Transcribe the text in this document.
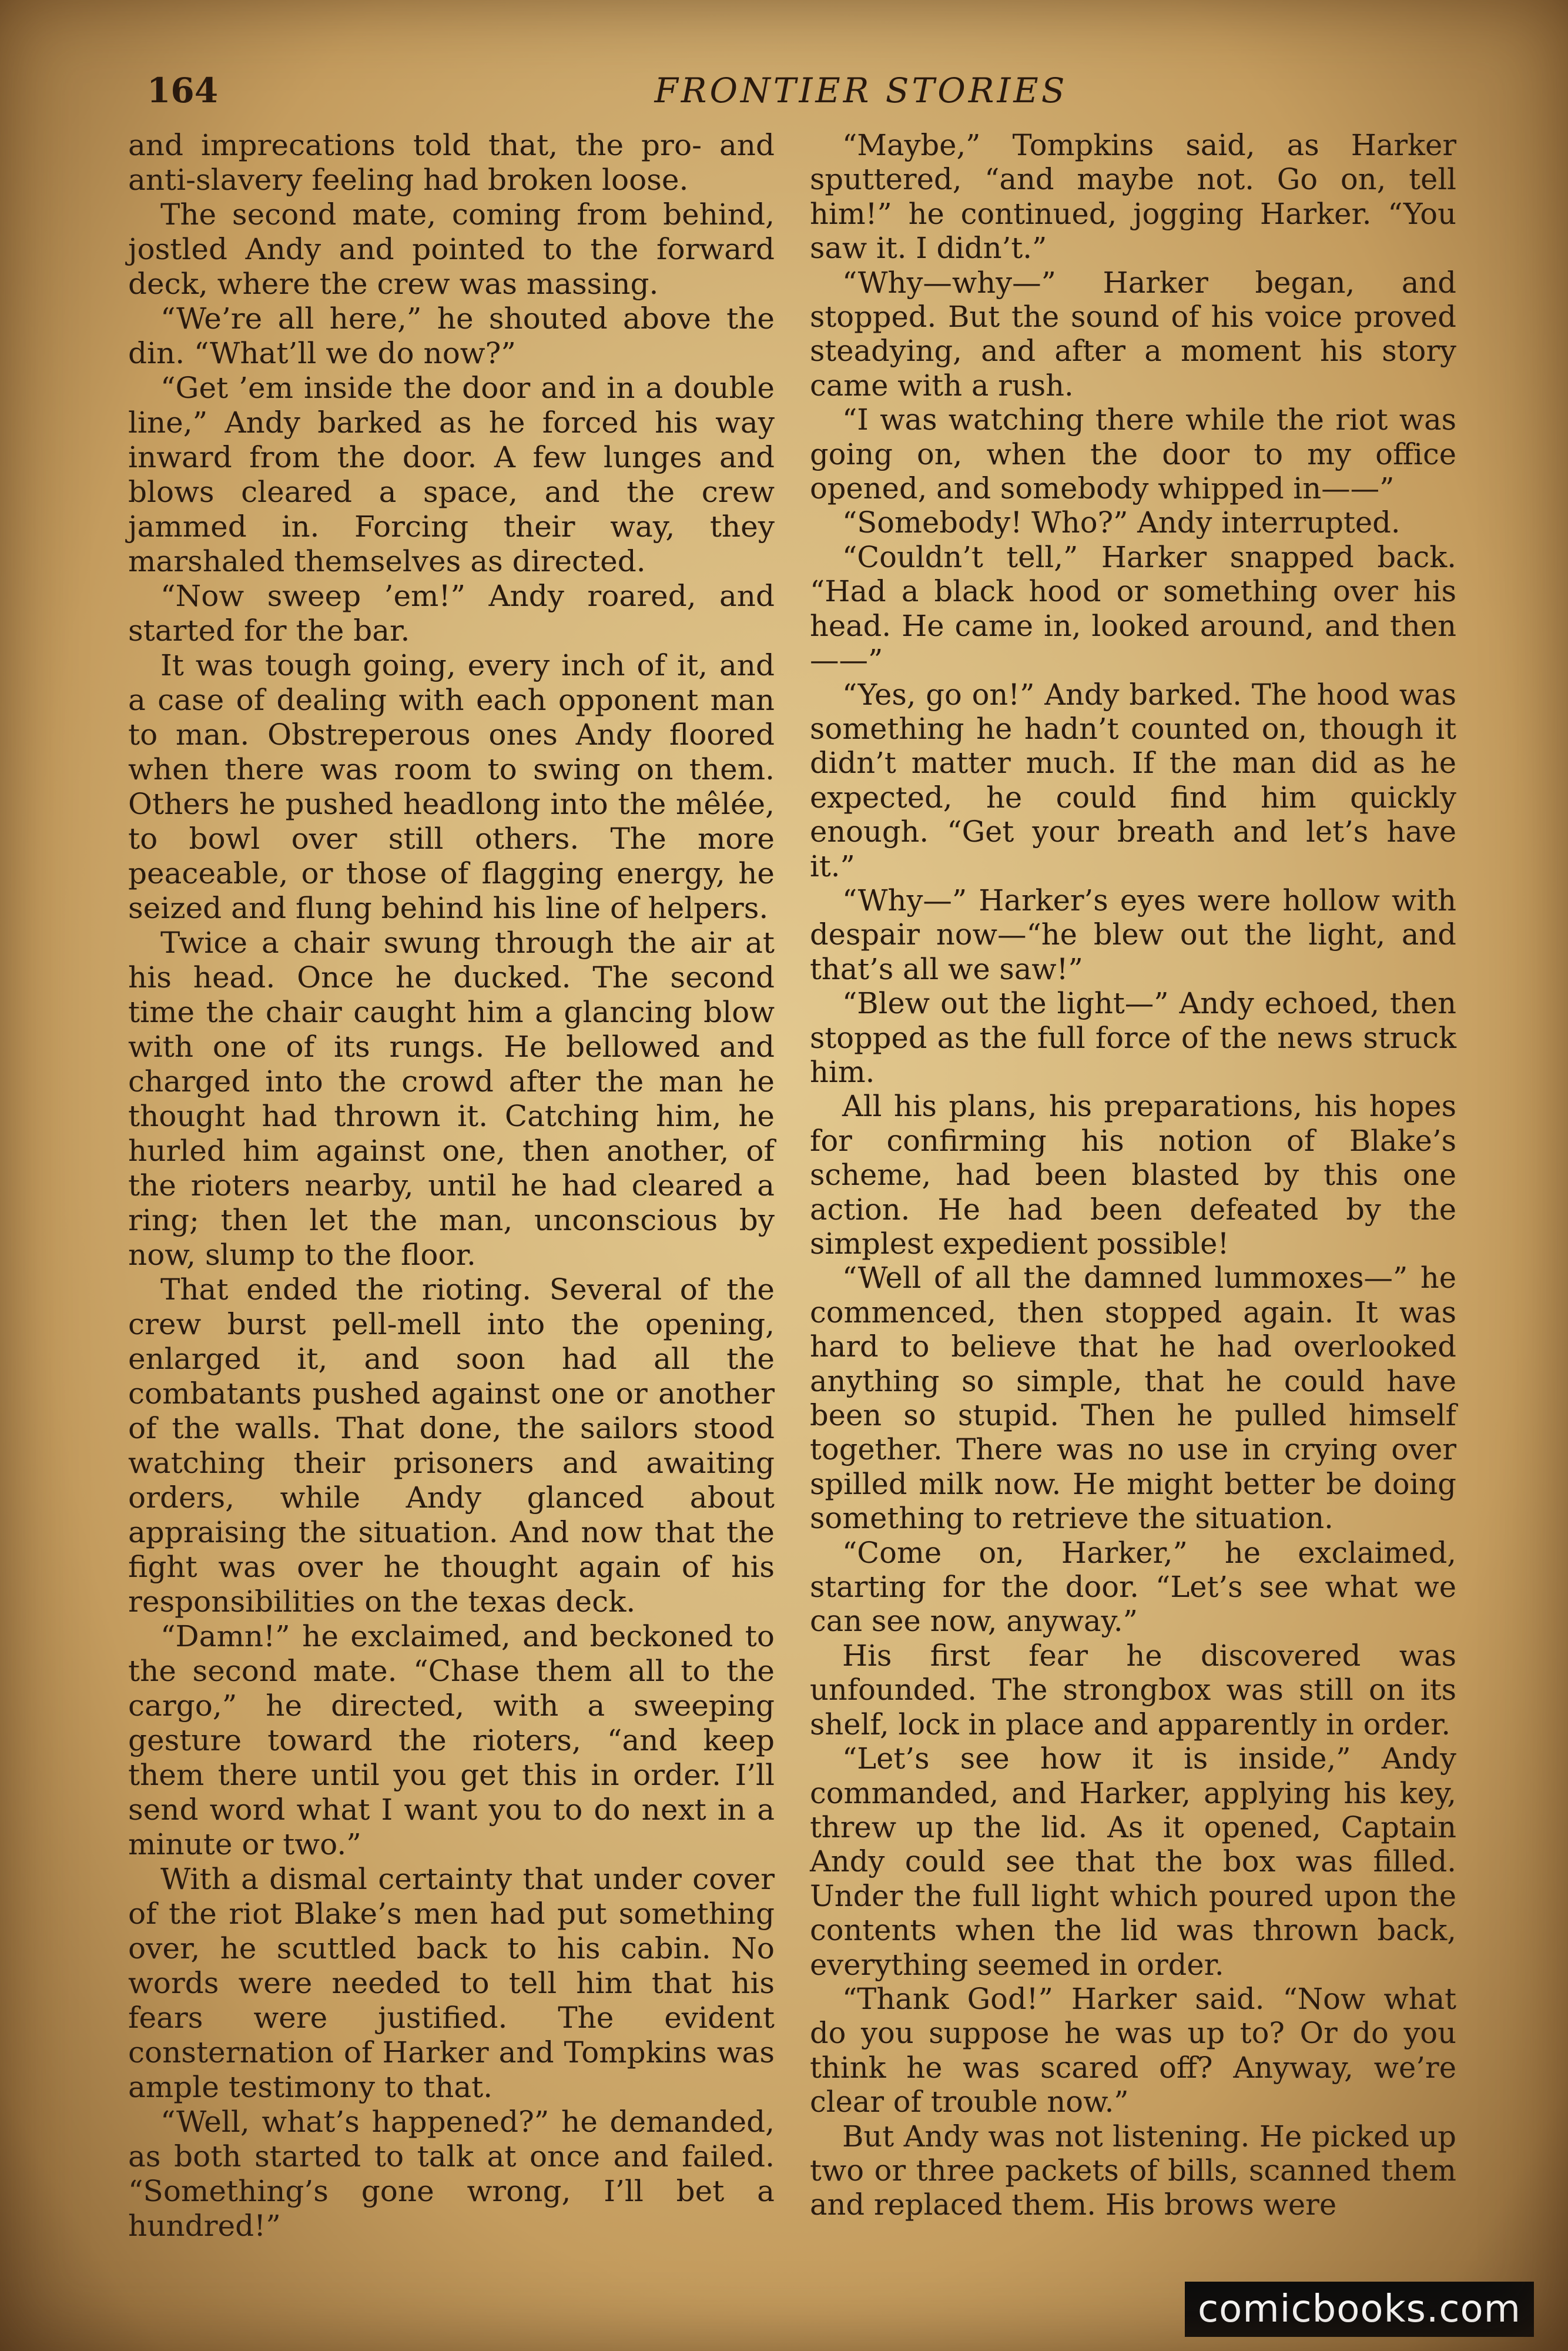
164	FRONTIER STORIES

and imprecations told that, the pro- and anti-slavery feeling had broken loose.

The second mate, coming from behind, jostled Andy and pointed to the forward deck, where the crew was massing.

“We’re all here,” he shouted above the din. “What’ll we do now?”

“Get ’em inside the door and in a double line,” Andy barked as he forced his way inward from the door. A few lunges and blows cleared a space, and the crew jammed in. Forcing their way, they marshaled themselves as directed.

“Now sweep ’em!” Andy roared, and started for the bar.

It was tough going, every inch of it, and a case of dealing with each opponent man to man. Obstreperous ones Andy floored when there was room to swing on them. Others he pushed headlong into the mêlée, to bowl over still others. The more peaceable, or those of flagging energy, he seized and flung behind his line of helpers.

Twice a chair swung through the air at his head. Once he ducked. The second time the chair caught him a glancing blow with one of its rungs. He bellowed and charged into the crowd after the man he thought had thrown it. Catching him, he hurled him against one, then another, of the rioters nearby, until he had cleared a ring; then let the man, unconscious by now, slump to the floor.

That ended the rioting. Several of the crew burst pell-mell into the opening, enlarged it, and soon had all the combatants pushed against one or another of the walls. That done, the sailors stood watching their prisoners and awaiting orders, while Andy glanced about appraising the situation. And now that the fight was over he thought again of his responsibilities on the texas deck.

“Damn!” he exclaimed, and beckoned to the second mate. “Chase them all to the cargo,” he directed, with a sweeping gesture toward the rioters, “and keep them there until you get this in order. I’ll send word what I want you to do next in a minute or two.”

With a dismal certainty that under cover of the riot Blake’s men had put something over, he scuttled back to his cabin. No words were needed to tell him that his fears were justified. The evident consternation of Harker and Tompkins was ample testimony to that.

“Well, what’s happened?” he demanded, as both started to talk at once and failed. “Something’s gone wrong, I’ll bet a hundred!”

“Maybe,” Tompkins said, as Harker sputtered, “and maybe not. Go on, tell him!” he continued, jogging Harker. “You saw it. I didn’t.”

“Why—why—” Harker began, and stopped. But the sound of his voice proved steadying, and after a moment his story came with a rush.

“I was watching there while the riot was going on, when the door to my office opened, and somebody whipped in——”

“Somebody! Who?” Andy interrupted.

“Couldn’t tell,” Harker snapped back. “Had a black hood or something over his head. He came in, looked around, and then——”

“Yes, go on!” Andy barked. The hood was something he hadn’t counted on, though it didn’t matter much. If the man did as he expected, he could find him quickly enough. “Get your breath and let’s have it.”

“Why—” Harker’s eyes were hollow with despair now—“he blew out the light, and that’s all we saw!”

“Blew out the light—” Andy echoed, then stopped as the full force of the news struck him.

All his plans, his preparations, his hopes for confirming his notion of Blake’s scheme, had been blasted by this one action. He had been defeated by the simplest expedient possible!

“Well of all the damned lummoxes—” he commenced, then stopped again. It was hard to believe that he had overlooked anything so simple, that he could have been so stupid. Then he pulled himself together. There was no use in crying over spilled milk now. He might better be doing something to retrieve the situation.

“Come on, Harker,” he exclaimed, starting for the door. “Let’s see what we can see now, anyway.”

His first fear he discovered was unfounded. The strongbox was still on its shelf, lock in place and apparently in order.

“Let’s see how it is inside,” Andy commanded, and Harker, applying his key, threw up the lid. As it opened, Captain Andy could see that the box was filled. Under the full light which poured upon the contents when the lid was thrown back, everything seemed in order.

“Thank God!” Harker said. “Now what do you suppose he was up to? Or do you think he was scared off? Anyway, we’re clear of trouble now.”

But Andy was not listening. He picked up two or three packets of bills, scanned them and replaced them. His brows were

comicbooks.com
